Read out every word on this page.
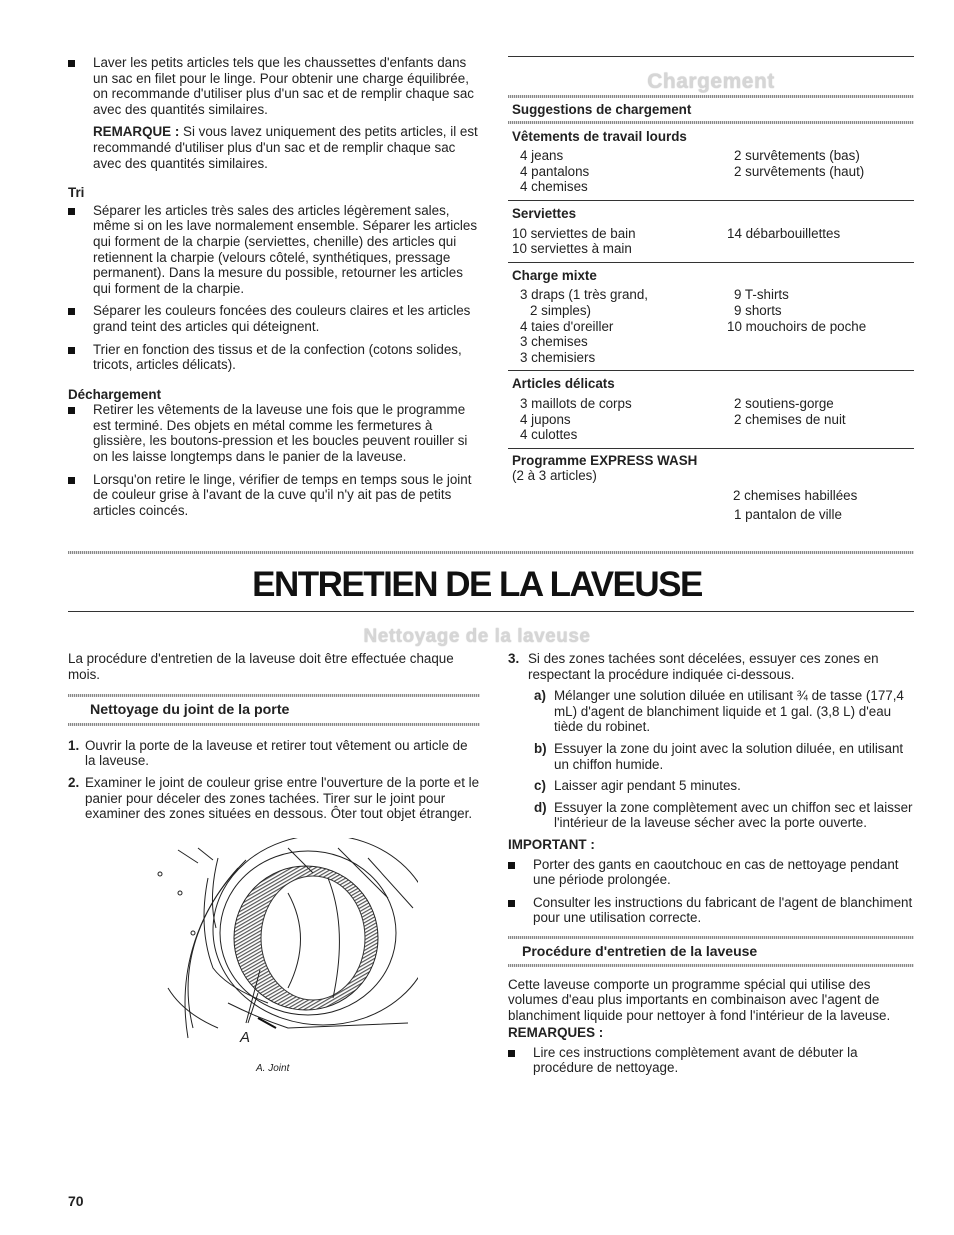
Laver les petits articles tels que les chaussettes d'enfants dans un sac en filet pour le linge. Pour obtenir une charge équilibrée, on recommande d'utiliser plus d'un sac et de remplir chaque sac avec des quantités similaires.
REMARQUE : Si vous lavez uniquement des petits articles, il est recommandé d'utiliser plus d'un sac et de remplir chaque sac avec des quantités similaires.
Tri
Séparer les articles très sales des articles légèrement sales, même si on les lave normalement ensemble. Séparer les articles qui forment de la charpie (serviettes, chenille) des articles qui retiennent la charpie (velours côtelé, synthétiques, pressage permanent). Dans la mesure du possible, retourner les articles qui forment de la charpie.
Séparer les couleurs foncées des couleurs claires et les articles grand teint des articles qui déteignent.
Trier en fonction des tissus et de la confection (cotons solides, tricots, articles délicats).
Déchargement
Retirer les vêtements de la laveuse une fois que le programme est terminé. Des objets en métal comme les fermetures à glissière, les boutons-pression et les boucles peuvent rouiller si on les laisse longtemps dans le panier de la laveuse.
Lorsqu'on retire le linge, vérifier de temps en temps sous le joint de couleur grise à l'avant de la cuve qu'il n'y ait pas de petits articles coincés.
Chargement
Suggestions de chargement
Vêtements de travail lourds
4 jeans	2 survêtements (bas)
4 pantalons	2 survêtements (haut)
4 chemises
Serviettes
10 serviettes de bain	14 débarbouillettes
10 serviettes à main
Charge mixte
3 draps (1 très grand,	9 T-shirts
2 simples)	9 shorts
4 taies d'oreiller	10 mouchoirs de poche
3 chemises
3 chemisiers
Articles délicats
3 maillots de corps	2 soutiens-gorge
4 jupons	2 chemises de nuit
4 culottes
Programme EXPRESS WASH
(2 à 3 articles)
2 chemises habillées
1 pantalon de ville
ENTRETIEN DE LA LAVEUSE
Nettoyage de la laveuse
La procédure d'entretien de la laveuse doit être effectuée chaque mois.
Nettoyage du joint de la porte
1. Ouvrir la porte de la laveuse et retirer tout vêtement ou article de la laveuse.
2. Examiner le joint de couleur grise entre l'ouverture de la porte et le panier pour déceler des zones tachées. Tirer sur le joint pour examiner des zones situées en dessous. Ôter tout objet étranger.
A
A. Joint
3. Si des zones tachées sont décelées, essuyer ces zones en respectant la procédure indiquée ci-dessous.
a) Mélanger une solution diluée en utilisant ¾ de tasse (177,4 mL) d'agent de blanchiment liquide et 1 gal. (3,8 L) d'eau tiède du robinet.
b) Essuyer la zone du joint avec la solution diluée, en utilisant un chiffon humide.
c) Laisser agir pendant 5 minutes.
d) Essuyer la zone complètement avec un chiffon sec et laisser l'intérieur de la laveuse sécher avec la porte ouverte.
IMPORTANT :
Porter des gants en caoutchouc en cas de nettoyage pendant une période prolongée.
Consulter les instructions du fabricant de l'agent de blanchiment pour une utilisation correcte.
Procédure d'entretien de la laveuse
Cette laveuse comporte un programme spécial qui utilise des volumes d'eau plus importants en combinaison avec l'agent de blanchiment liquide pour nettoyer à fond l'intérieur de la laveuse.
REMARQUES :
Lire ces instructions complètement avant de débuter la procédure de nettoyage.
70
